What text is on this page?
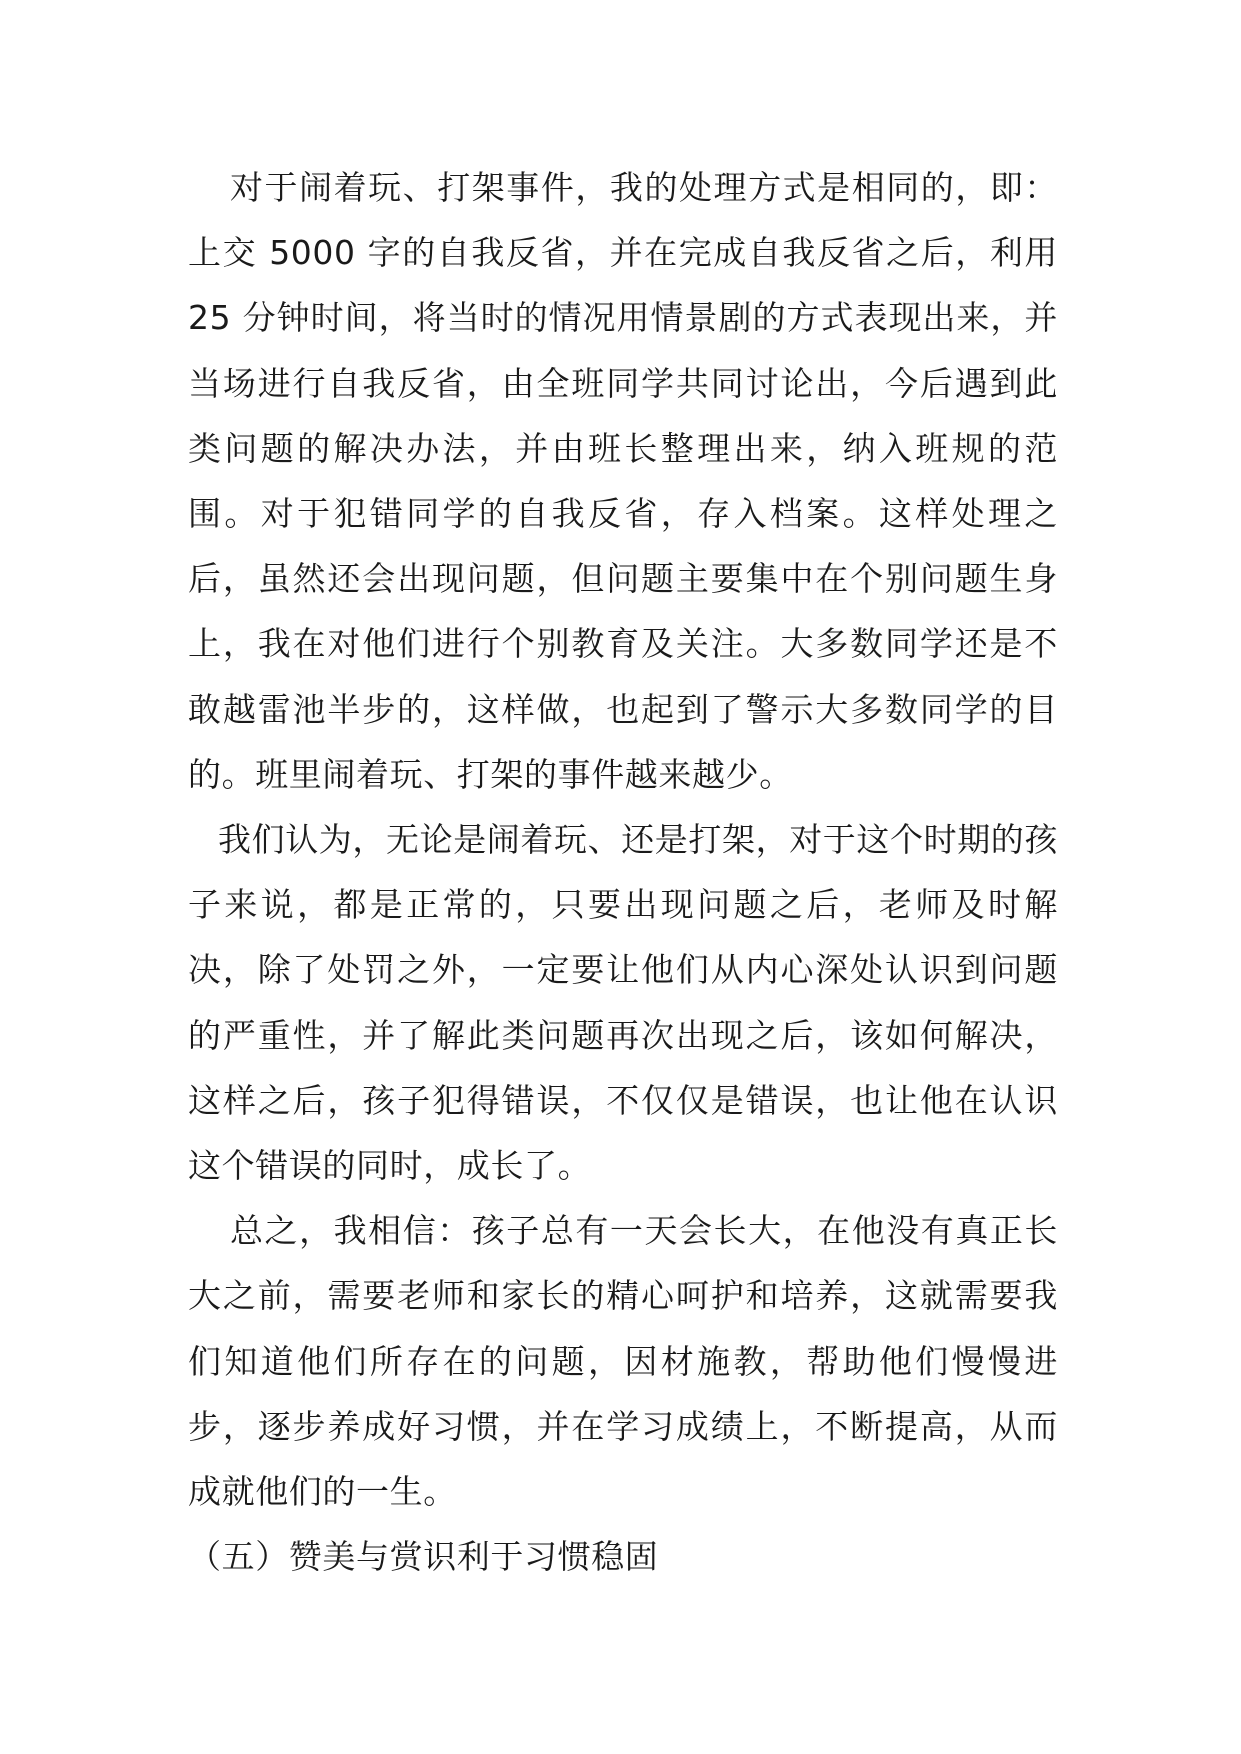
对于闹着玩、打架事件，我的处理方式是相同的，即：上交 5000 字的自我反省，并在完成自我反省之后，利用 25 分钟时间，将当时的情况用情景剧的方式表现出来，并当场进行自我反省，由全班同学共同讨论出，今后遇到此类问题的解决办法，并由班长整理出来，纳入班规的范围。对于犯错同学的自我反省，存入档案。这样处理之后，虽然还会出现问题，但问题主要集中在个别问题生身上，我在对他们进行个别教育及关注。大多数同学还是不敢越雷池半步的，这样做，也起到了警示大多数同学的目的。班里闹着玩、打架的事件越来越少。

我们认为，无论是闹着玩、还是打架，对于这个时期的孩子来说，都是正常的，只要出现问题之后，老师及时解决，除了处罚之外，一定要让他们从内心深处认识到问题的严重性，并了解此类问题再次出现之后，该如何解决，这样之后，孩子犯得错误，不仅仅是错误，也让他在认识这个错误的同时，成长了。

总之，我相信：孩子总有一天会长大，在他没有真正长大之前，需要老师和家长的精心呵护和培养，这就需要我们知道他们所存在的问题，因材施教，帮助他们慢慢进步，逐步养成好习惯，并在学习成绩上，不断提高，从而成就他们的一生。

（五）赞美与赏识利于习惯稳固
